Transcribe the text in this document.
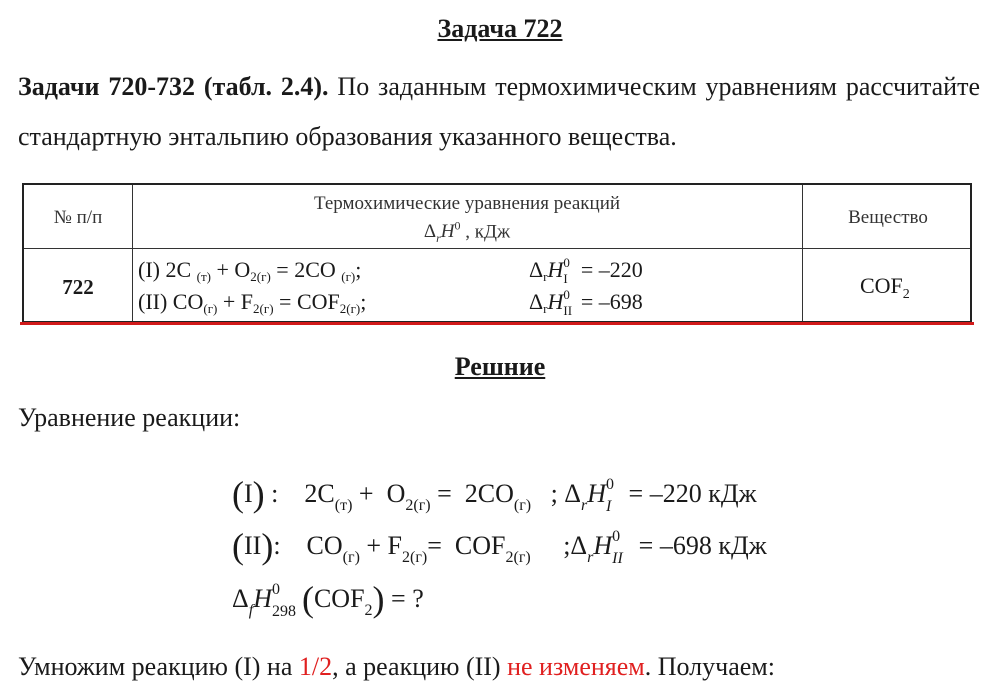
Задача 722
Задачи 720-732 (табл. 2.4). По заданным термохимическим уравнениям рассчитайте стандартную энтальпию образования указанного вещества.
№ п/п
Термохимические уравнения реакций
$\Delta_rH^0$ , кДж
Вещество
722
(I) 2C $_{(т)} + O_{2(г)} = 2CO$ $_{(г)}$;	$\Delta_rH$ 0
I = –220
(II) $CO_{(г)} + F_{2(г)} = COF_{2(г)}$;	$\Delta_rH$ 0
II = –698
$COF_2$
Решние
Уравнение реакции:
(I) :    $2C_{(т)} + O_{2(г)} = 2CO_{(г)}$   ; $\Delta_rH$ 0
I = –220 кДж
(II):    $CO_{(г)} + F_{2(г)}= COF_{2(г)}$     $;\Delta_rH$ 0
II = –698 кДж
$\Delta_fH$ 0
298 $(COF_2)$ = ?
Умножим реакцию (I) на 1/2, а реакцию (II) не изменяем. Получаем:
